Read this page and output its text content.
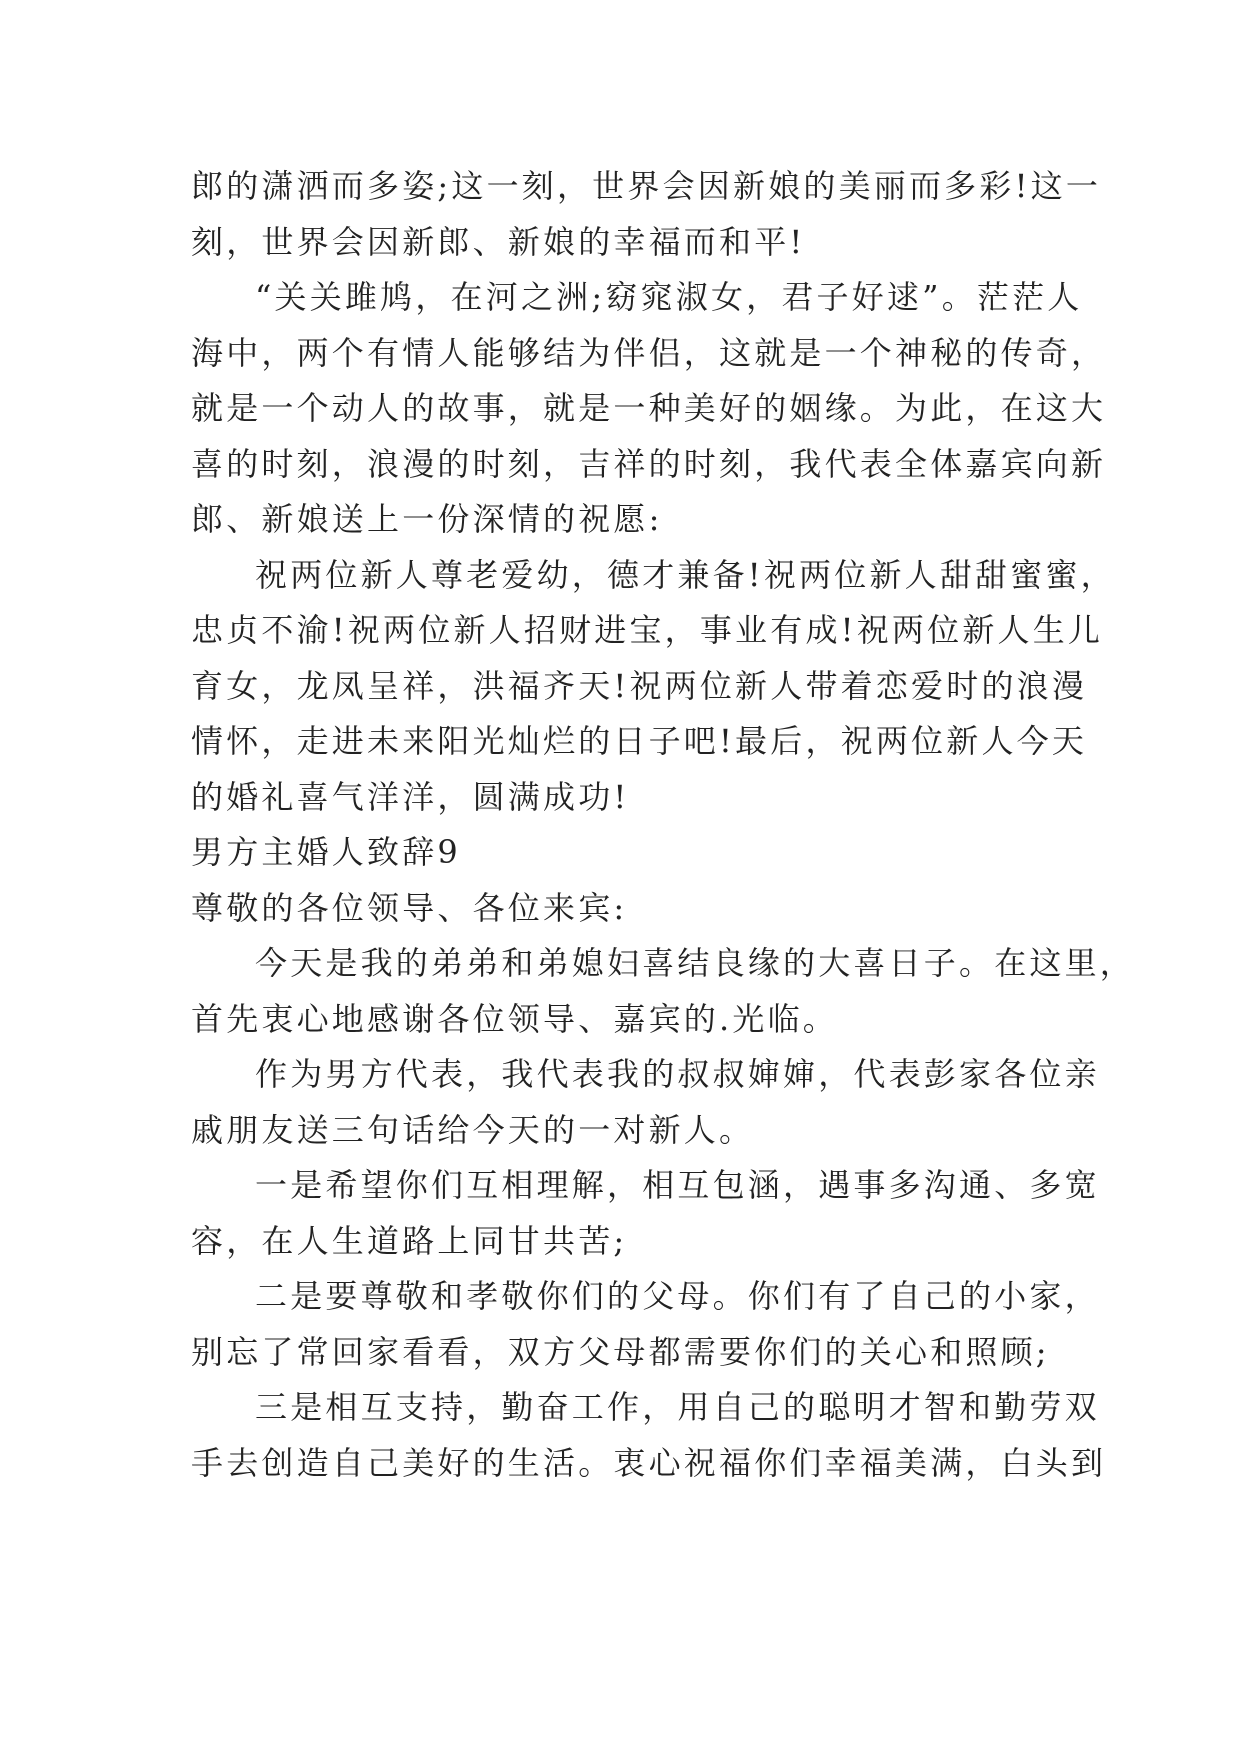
郎的潇洒而多姿;这一刻，世界会因新娘的美丽而多彩!这一
刻，世界会因新郎、新娘的幸福而和平!
“关关雎鸠，在河之洲;窈窕淑女，君子好逑”。茫茫人
海中，两个有情人能够结为伴侣，这就是一个神秘的传奇，
就是一个动人的故事，就是一种美好的姻缘。为此，在这大
喜的时刻，浪漫的时刻，吉祥的时刻，我代表全体嘉宾向新
郎、新娘送上一份深情的祝愿:
祝两位新人尊老爱幼，德才兼备!祝两位新人甜甜蜜蜜，
忠贞不渝!祝两位新人招财进宝，事业有成!祝两位新人生儿
育女，龙凤呈祥，洪福齐天!祝两位新人带着恋爱时的浪漫
情怀，走进未来阳光灿烂的日子吧!最后，祝两位新人今天
的婚礼喜气洋洋，圆满成功!
男方主婚人致辞9
尊敬的各位领导、各位来宾:
今天是我的弟弟和弟媳妇喜结良缘的大喜日子。在这里，
首先衷心地感谢各位领导、嘉宾的.光临。
作为男方代表，我代表我的叔叔婶婶，代表彭家各位亲
戚朋友送三句话给今天的一对新人。
一是希望你们互相理解，相互包涵，遇事多沟通、多宽
容，在人生道路上同甘共苦;
二是要尊敬和孝敬你们的父母。你们有了自己的小家，
别忘了常回家看看，双方父母都需要你们的关心和照顾;
三是相互支持，勤奋工作，用自己的聪明才智和勤劳双
手去创造自己美好的生活。衷心祝福你们幸福美满，白头到
